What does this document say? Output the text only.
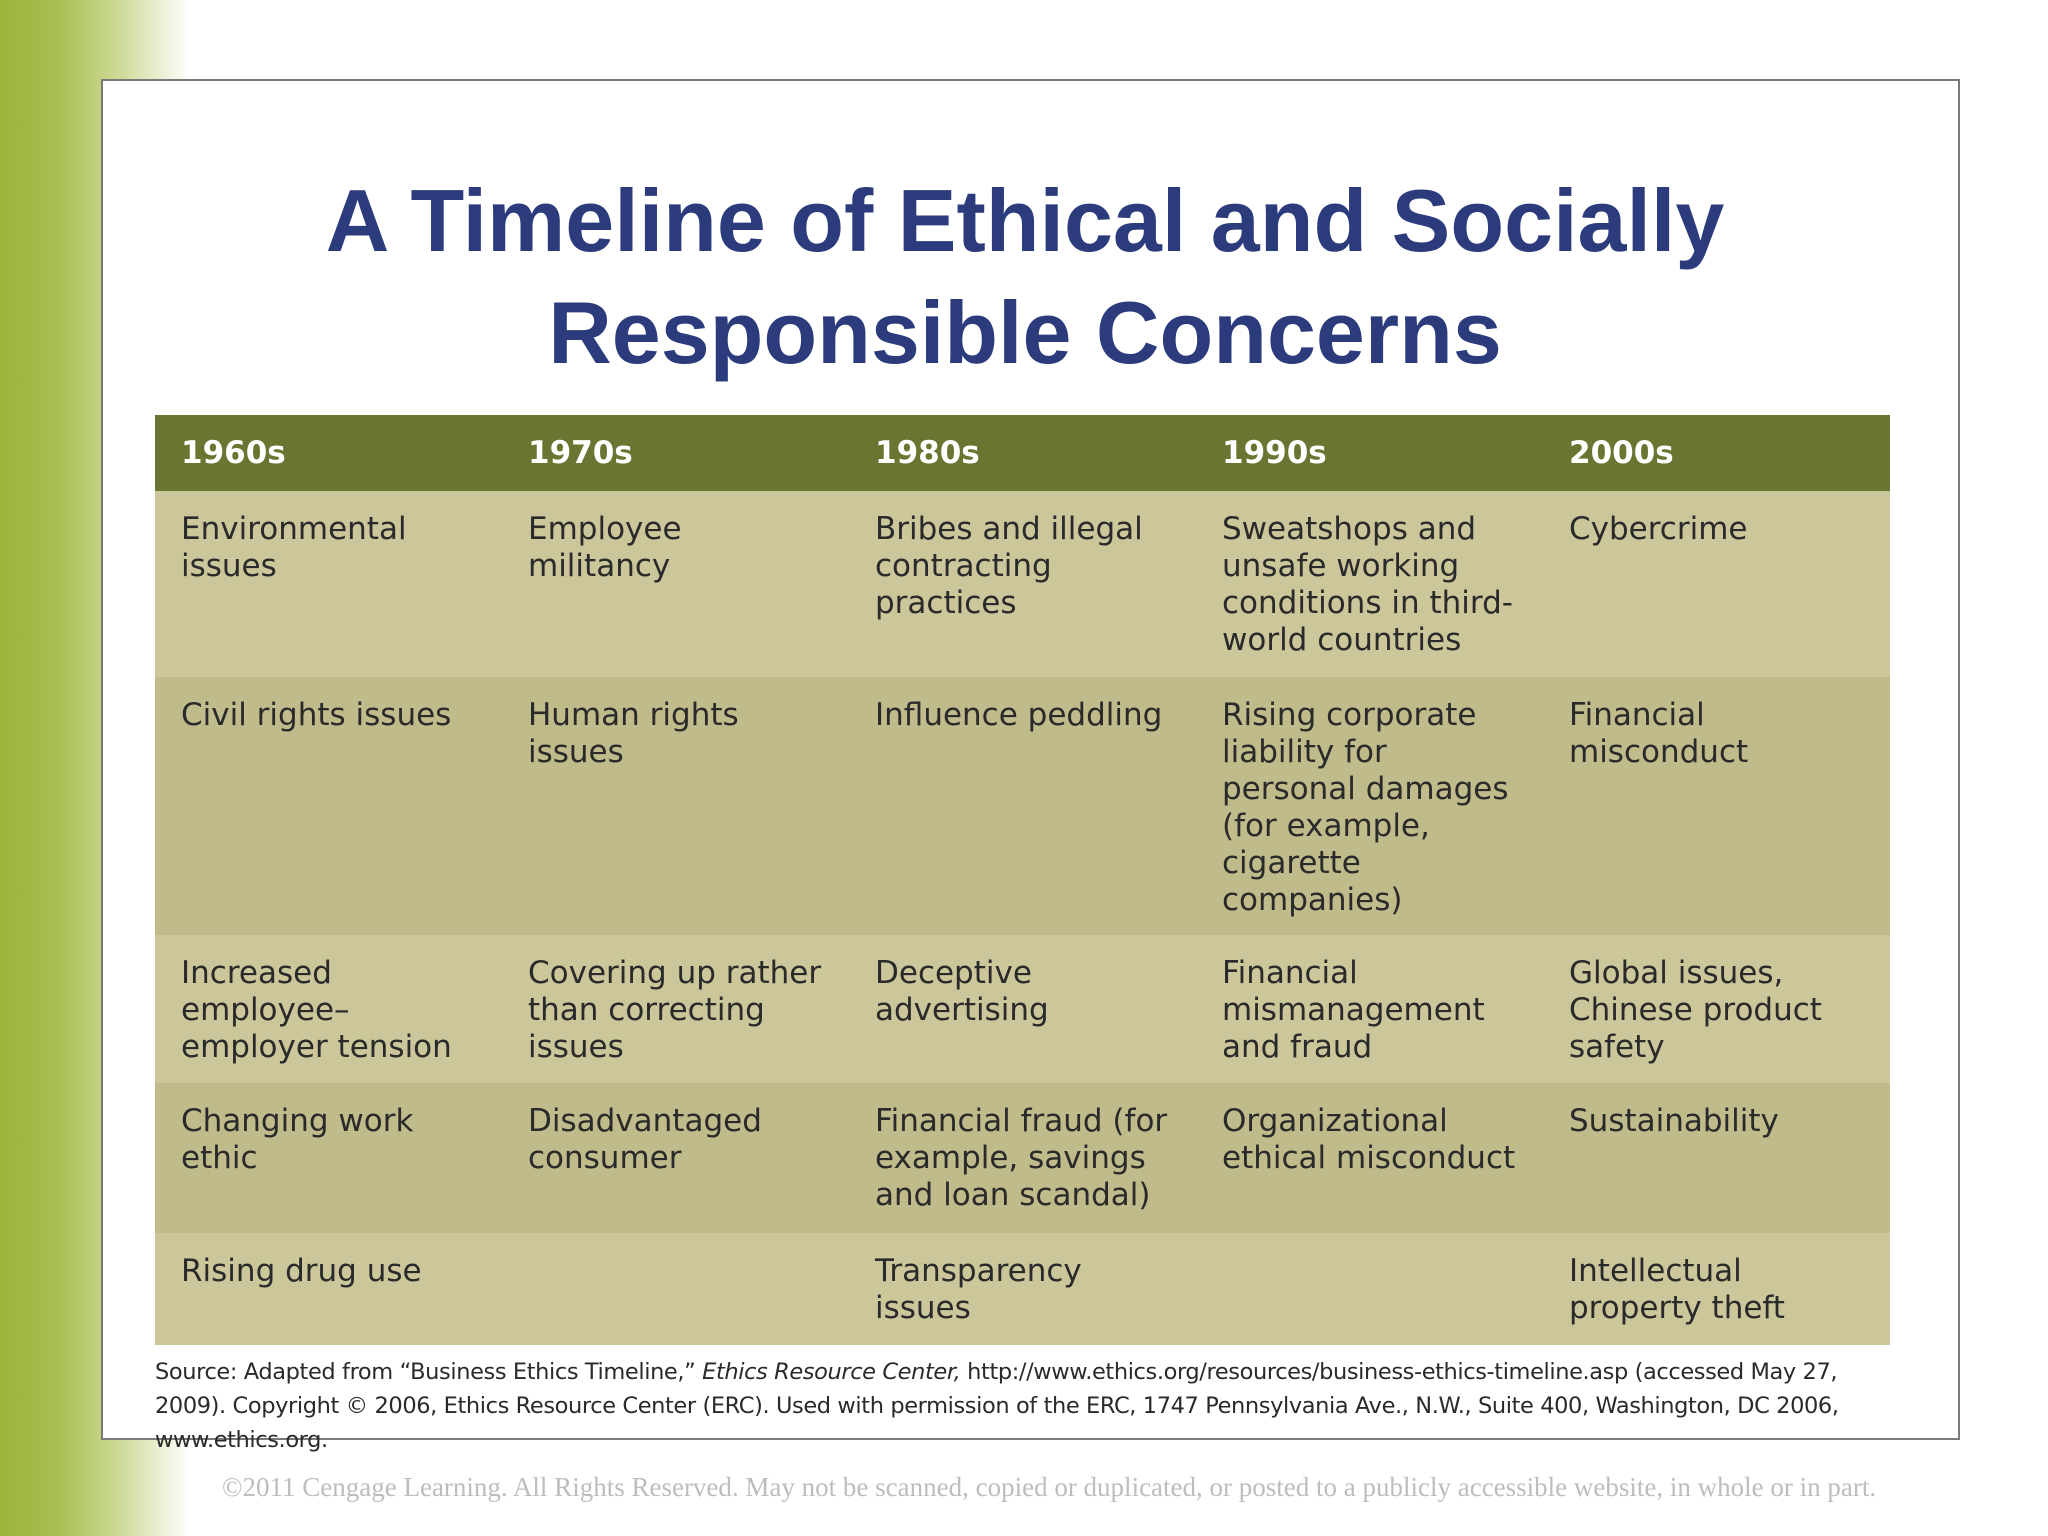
A Timeline of Ethical and Socially Responsible Concerns
1960s	1970s	1980s	1990s	2000s
Environmental issues	Employee militancy	Bribes and illegal contracting practices	Sweatshops and unsafe working conditions in third-world countries	Cybercrime
Civil rights issues	Human rights issues	Influence peddling	Rising corporate liability for personal damages (for example, cigarette companies)	Financial misconduct
Increased employee–employer tension	Covering up rather than correcting issues	Deceptive advertising	Financial mismanagement and fraud	Global issues, Chinese product safety
Changing work ethic	Disadvantaged consumer	Financial fraud (for example, savings and loan scandal)	Organizational ethical misconduct	Sustainability
Rising drug use		Transparency issues		Intellectual property theft
Source: Adapted from “Business Ethics Timeline,” Ethics Resource Center, http://www.ethics.org/resources/business-ethics-timeline.asp (accessed May 27, 2009). Copyright © 2006, Ethics Resource Center (ERC). Used with permission of the ERC, 1747 Pennsylvania Ave., N.W., Suite 400, Washington, DC 2006, www.ethics.org.
©2011 Cengage Learning. All Rights Reserved. May not be scanned, copied or duplicated, or posted to a publicly accessible website, in whole or in part.
